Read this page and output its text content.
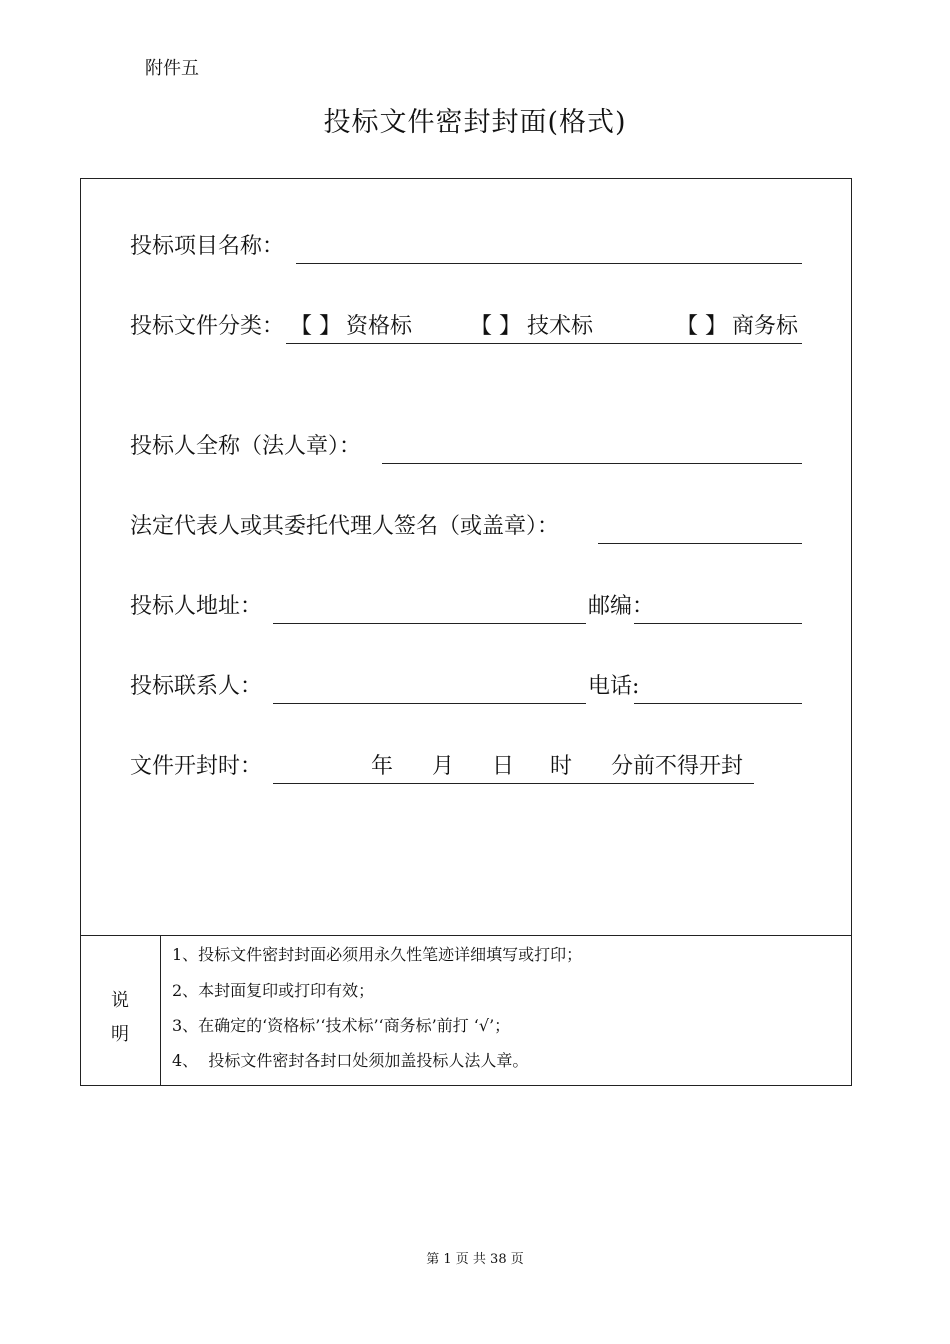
附件五
投标文件密封封面(格式)
投标项目名称：
投标文件分类： 【 】 资格标	【 】 技术标	【 】 商务标
投标人全称（法人章）：
法定代表人或其委托代理人签名（或盖章）：
投标人地址：	邮编：
投标联系人：	电话:
文件开封时：	年 月 日 时 分前不得开封
说
明
1、投标文件密封封面必须用永久性笔迹详细填写或打印；
2、本封面复印或打印有效；
3、在确定的‘资格标’‘技术标’‘商务标’前打 ‘√’；
4、  投标文件密封各封口处须加盖投标人法人章。
第 1 页 共 38 页
